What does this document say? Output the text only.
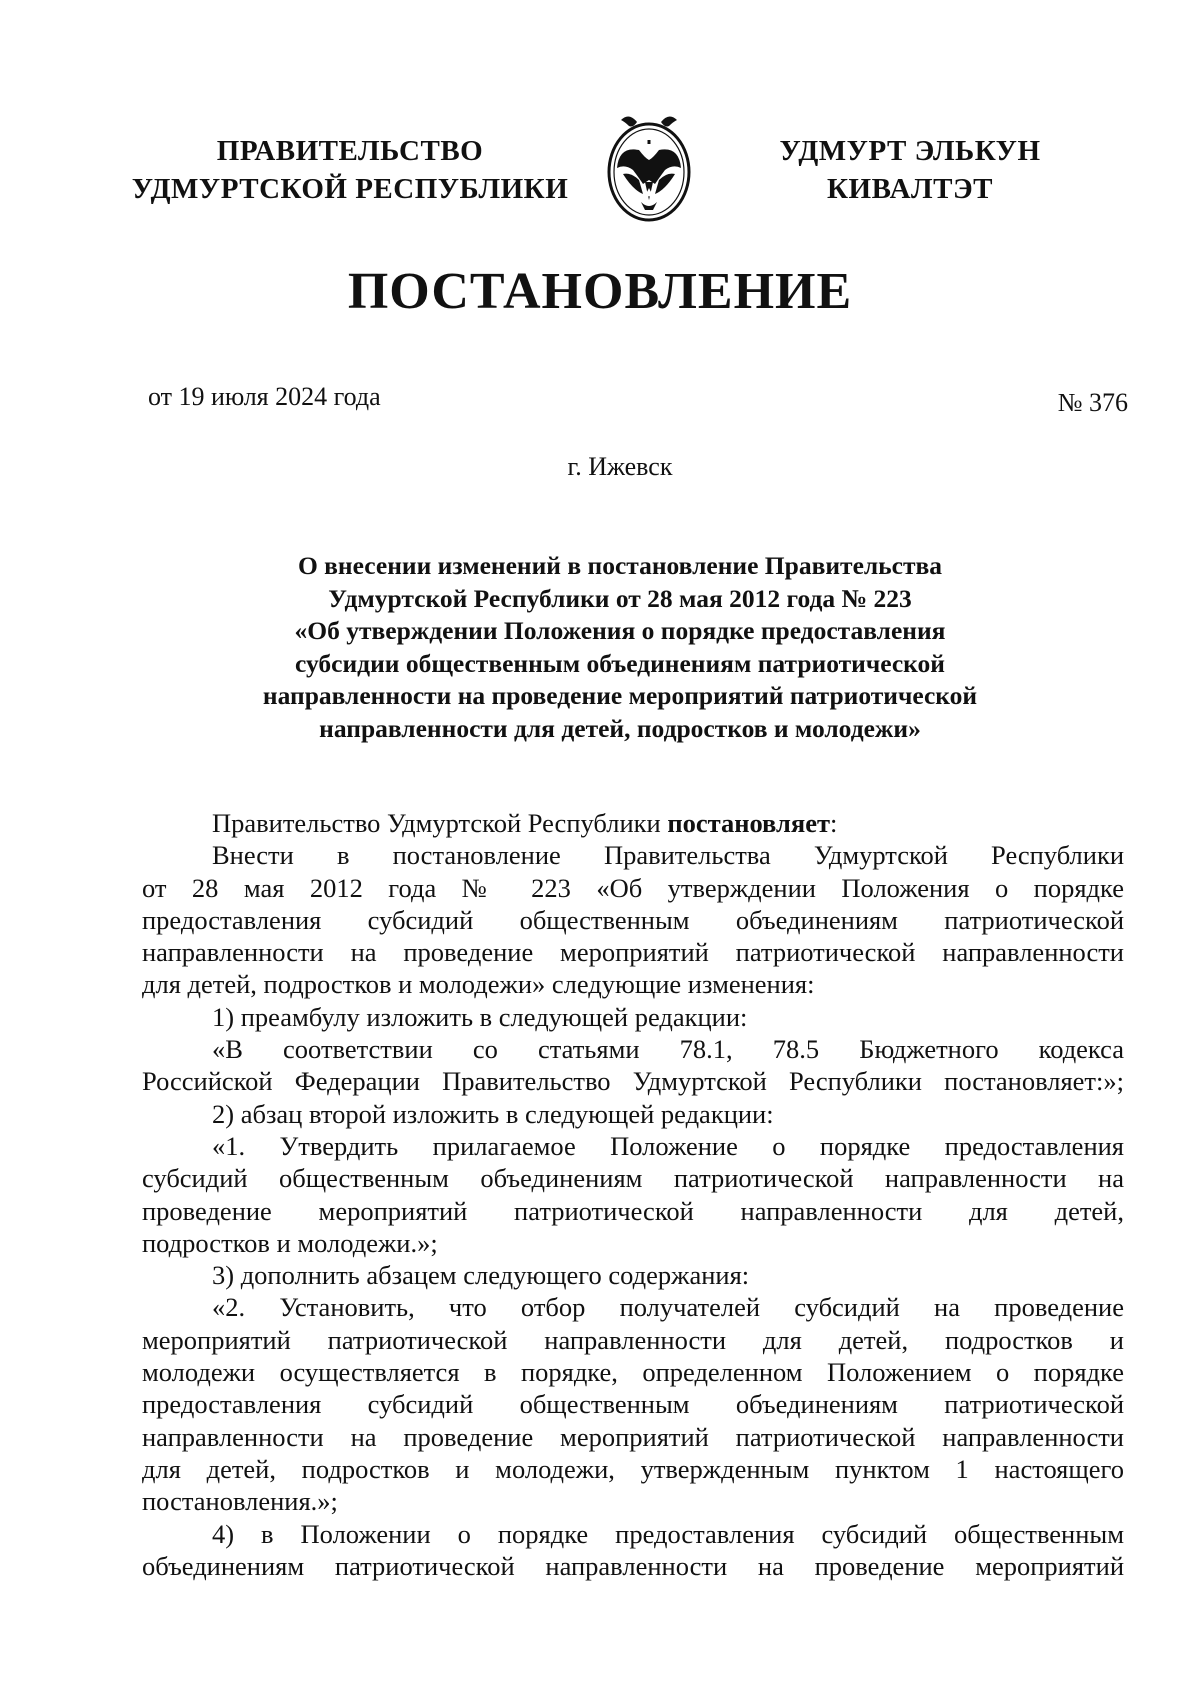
ПРАВИТЕЛЬСТВО
УДМУРТСКОЙ РЕСПУБЛИКИ
УДМУРТ ЭЛЬКУН
КИВАЛТЭТ
ПОСТАНОВЛЕНИЕ
от 19 июля 2024 года	№ 376
г. Ижевск
О внесении изменений в постановление Правительства
Удмуртской Республики от 28 мая 2012 года № 223
«Об утверждении Положения о порядке предоставления
субсидии общественным объединениям патриотической
направленности на проведение мероприятий патриотической
направленности для детей, подростков и молодежи»
Правительство Удмуртской Республики постановляет:
Внести в постановление Правительства Удмуртской Республики
от 28 мая 2012 года № 223 «Об утверждении Положения о порядке
предоставления субсидий общественным объединениям патриотической
направленности на проведение мероприятий патриотической направленности
для детей, подростков и молодежи» следующие изменения:
1) преамбулу изложить в следующей редакции:
«В соответствии со статьями 78.1, 78.5 Бюджетного кодекса
Российской Федерации Правительство Удмуртской Республики постановляет:»;
2) абзац второй изложить в следующей редакции:
«1. Утвердить прилагаемое Положение о порядке предоставления
субсидий общественным объединениям патриотической направленности на
проведение мероприятий патриотической направленности для детей,
подростков и молодежи.»;
3) дополнить абзацем следующего содержания:
«2. Установить, что отбор получателей субсидий на проведение
мероприятий патриотической направленности для детей, подростков и
молодежи осуществляется в порядке, определенном Положением о порядке
предоставления субсидий общественным объединениям патриотической
направленности на проведение мероприятий патриотической направленности
для детей, подростков и молодежи, утвержденным пунктом 1 настоящего
постановления.»;
4) в Положении о порядке предоставления субсидий общественным
объединениям патриотической направленности на проведение мероприятий
